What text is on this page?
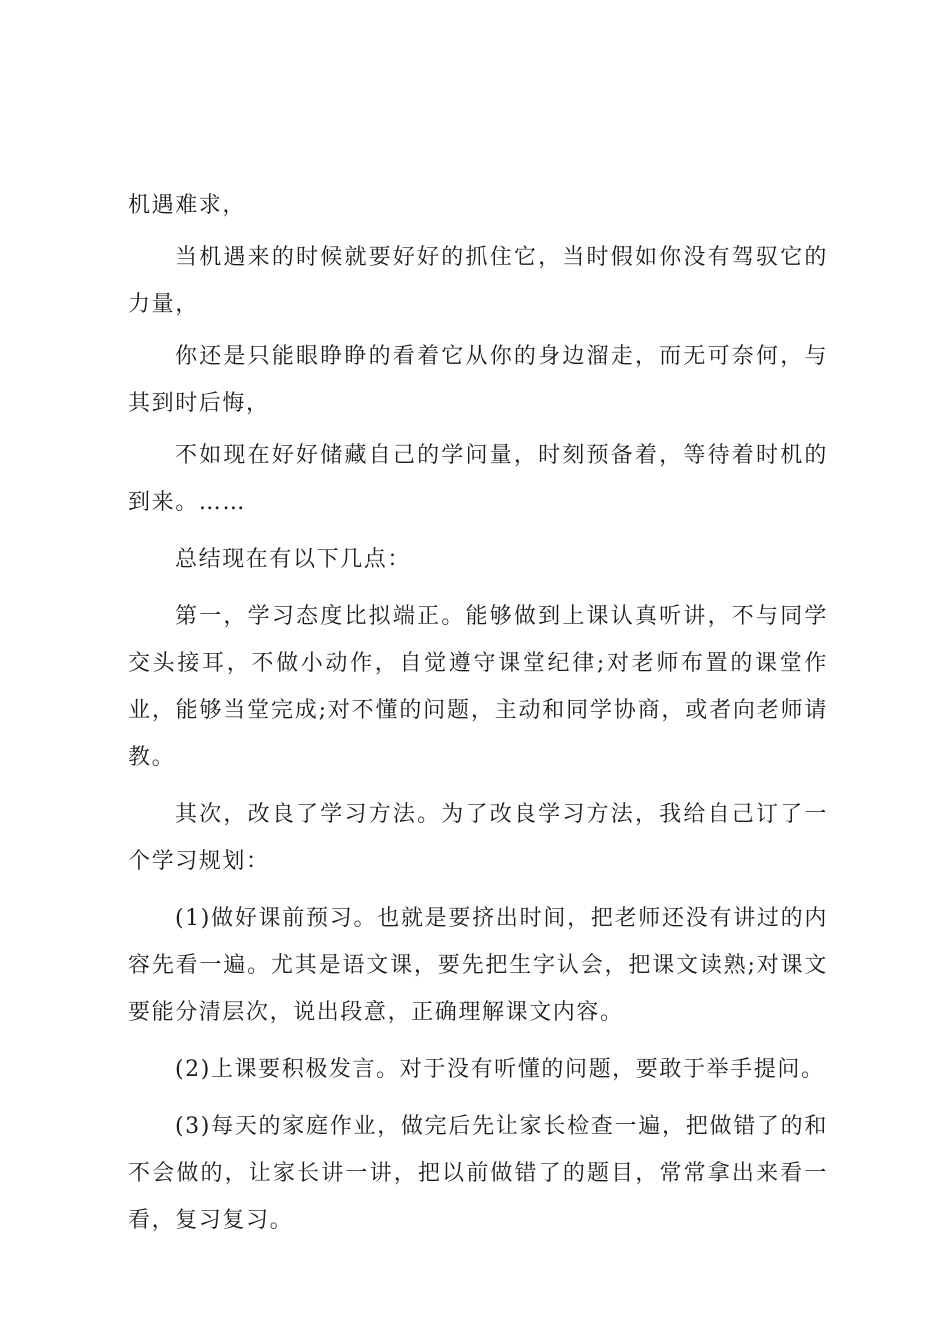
机遇难求，

当机遇来的时候就要好好的抓住它，当时假如你没有驾驭它的力量，

你还是只能眼睁睁的看着它从你的身边溜走，而无可奈何，与其到时后悔，

不如现在好好储藏自己的学问量，时刻预备着，等待着时机的到来。……

总结现在有以下几点：

第一，学习态度比拟端正。能够做到上课认真听讲，不与同学交头接耳，不做小动作，自觉遵守课堂纪律;对老师布置的课堂作业，能够当堂完成;对不懂的问题，主动和同学协商，或者向老师请教。

其次，改良了学习方法。为了改良学习方法，我给自己订了一个学习规划：

(1)做好课前预习。也就是要挤出时间，把老师还没有讲过的内容先看一遍。尤其是语文课，要先把生字认会，把课文读熟;对课文要能分清层次，说出段意，正确理解课文内容。

(2)上课要积极发言。对于没有听懂的问题，要敢于举手提问。

(3)每天的家庭作业，做完后先让家长检查一遍，把做错了的和不会做的，让家长讲一讲，把以前做错了的题目，常常拿出来看一看，复习复习。
